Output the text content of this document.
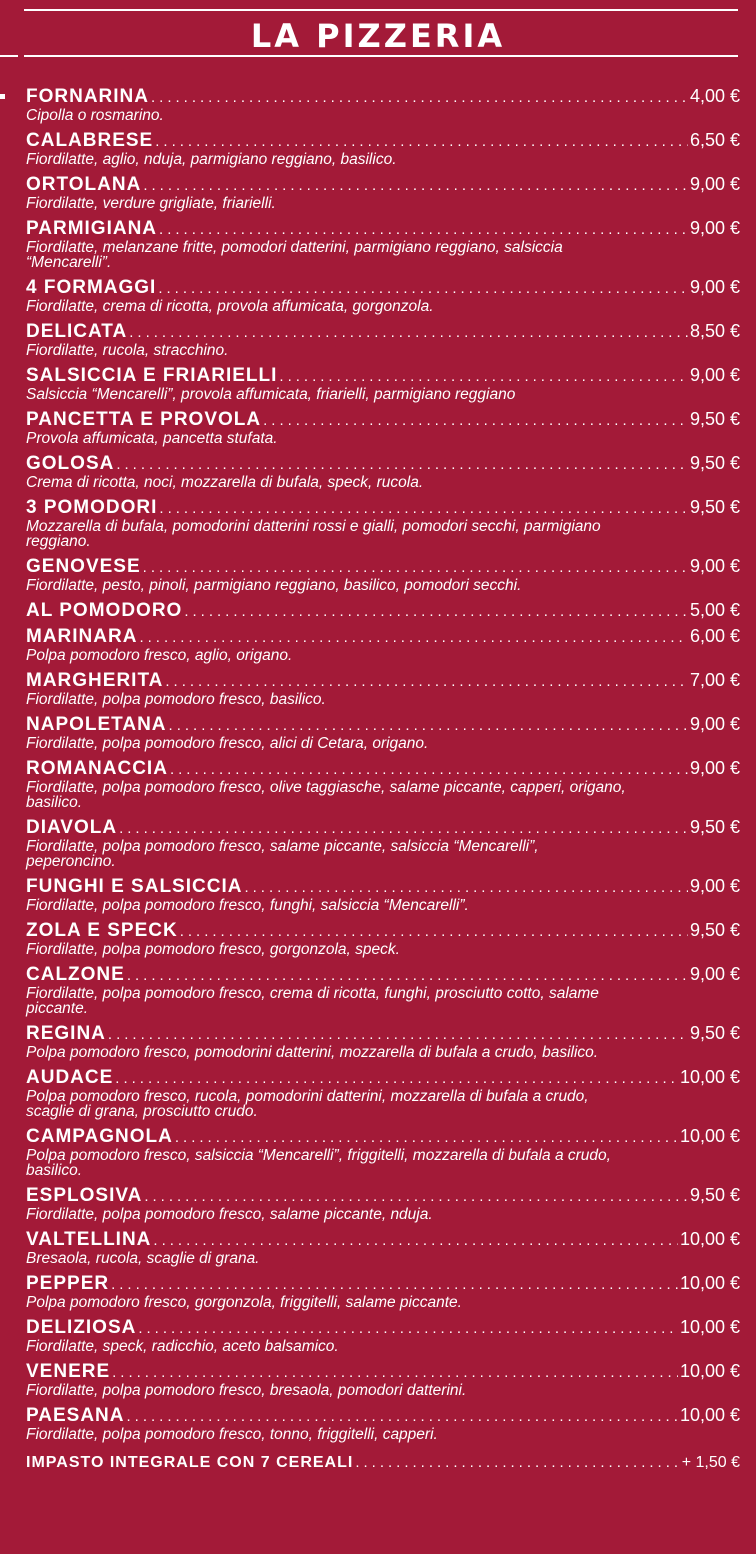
LA PIZZERIA
FORNARINA .....	4,00 €
Cipolla o rosmarino.
CALABRESE .....	6,50 €
Fiordilatte, aglio, nduja, parmigiano reggiano, basilico.
ORTOLANA .....	9,00 €
Fiordilatte, verdure grigliate, friarielli.
PARMIGIANA .....	9,00 €
Fiordilatte, melanzane fritte, pomodori datterini, parmigiano reggiano, salsiccia “Mencarelli”.
4 FORMAGGI .....	9,00 €
Fiordilatte, crema di ricotta, provola affumicata, gorgonzola.
DELICATA .....	8,50 €
Fiordilatte, rucola, stracchino.
SALSICCIA E FRIARIELLI .....	9,00 €
Salsiccia “Mencarelli”, provola affumicata, friarielli, parmigiano reggiano
PANCETTA E PROVOLA .....	9,50 €
Provola affumicata, pancetta stufata.
GOLOSA .....	9,50 €
Crema di ricotta, noci, mozzarella di bufala, speck, rucola.
3 POMODORI .....	9,50 €
Mozzarella di bufala, pomodorini datterini rossi e gialli, pomodori secchi, parmigiano reggiano.
GENOVESE .....	9,00 €
Fiordilatte, pesto, pinoli, parmigiano reggiano, basilico, pomodori secchi.
AL POMODORO .....	5,00 €
MARINARA .....	6,00 €
Polpa pomodoro fresco, aglio, origano.
MARGHERITA .....	7,00 €
Fiordilatte, polpa pomodoro fresco, basilico.
NAPOLETANA .....	9,00 €
Fiordilatte, polpa pomodoro fresco, alici di Cetara, origano.
ROMANACCIA .....	9,00 €
Fiordilatte, polpa pomodoro fresco, olive taggiasche, salame piccante, capperi, origano, basilico.
DIAVOLA .....	9,50 €
Fiordilatte, polpa pomodoro fresco, salame piccante, salsiccia “Mencarelli”, peperoncino.
FUNGHI E SALSICCIA .....	9,00 €
Fiordilatte, polpa pomodoro fresco, funghi, salsiccia “Mencarelli”.
ZOLA E SPECK .....	9,50 €
Fiordilatte, polpa pomodoro fresco, gorgonzola, speck.
CALZONE .....	9,00 €
Fiordilatte, polpa pomodoro fresco, crema di ricotta, funghi, prosciutto cotto, salame piccante.
REGINA .....	9,50 €
Polpa pomodoro fresco, pomodorini datterini, mozzarella di bufala a crudo, basilico.
AUDACE .....	10,00 €
Polpa pomodoro fresco, rucola, pomodorini datterini, mozzarella di bufala a crudo, scaglie di grana, prosciutto crudo.
CAMPAGNOLA .....	10,00 €
Polpa pomodoro fresco, salsiccia “Mencarelli”, friggitelli, mozzarella di bufala a crudo, basilico.
ESPLOSIVA .....	9,50 €
Fiordilatte, polpa pomodoro fresco, salame piccante, nduja.
VALTELLINA .....	10,00 €
Bresaola, rucola, scaglie di grana.
PEPPER .....	10,00 €
Polpa pomodoro fresco, gorgonzola, friggitelli, salame piccante.
DELIZIOSA .....	10,00 €
Fiordilatte, speck, radicchio, aceto balsamico.
VENERE .....	10,00 €
Fiordilatte, polpa pomodoro fresco, bresaola, pomodori datterini.
PAESANA .....	10,00 €
Fiordilatte, polpa pomodoro fresco, tonno, friggitelli, capperi.
IMPASTO INTEGRALE CON 7 CEREALI .....	+ 1,50 €
